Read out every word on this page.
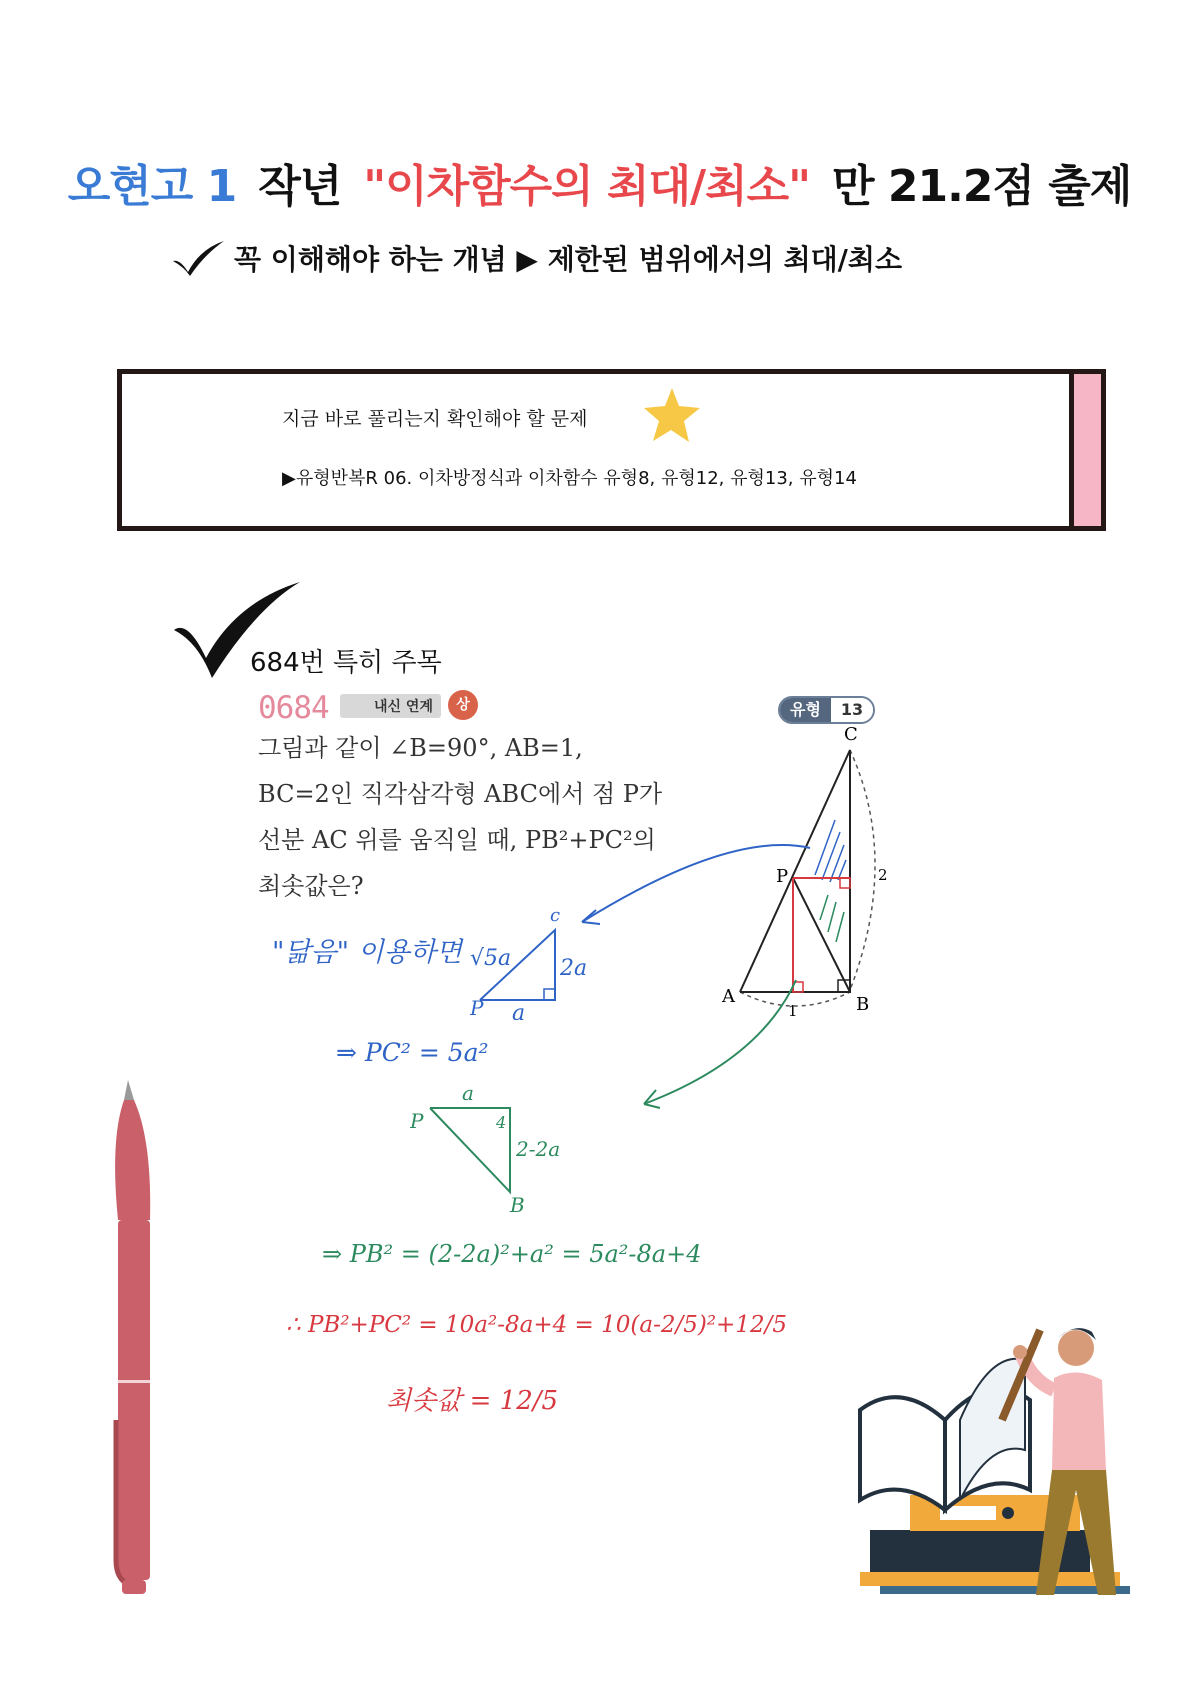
오현고 1 작년 "이차함수의 최대/최소" 만 21.2점 출제
꼭 이해해야 하는 개념 ▶ 제한된 범위에서의 최대/최소
지금 바로 풀리는지 확인해야 할 문제
▶유형반복R 06. 이차방정식과 이차함수 유형8, 유형12, 유형13, 유형14
684번 특히 주목
0684	내신 연계	상	유형	13
그림과 같이 ∠B=90°, AB=1,
BC=2인 직각삼각형 ABC에서 점 P가
선분 AC 위를 움직일 때, PB²+PC²의
최솟값은?
C
P
A	B
1
2
"닮음" 이용하면
c
√5a 2a
a
P
⇒ PC² = 5a²
a
4
2-2a
P
B
⇒ PB² = (2-2a)²+a² = 5a²-8a+4
∴ PB²+PC² = 10a²-8a+4 = 10(a-2/5)²+12/5
최솟값 = 12/5
